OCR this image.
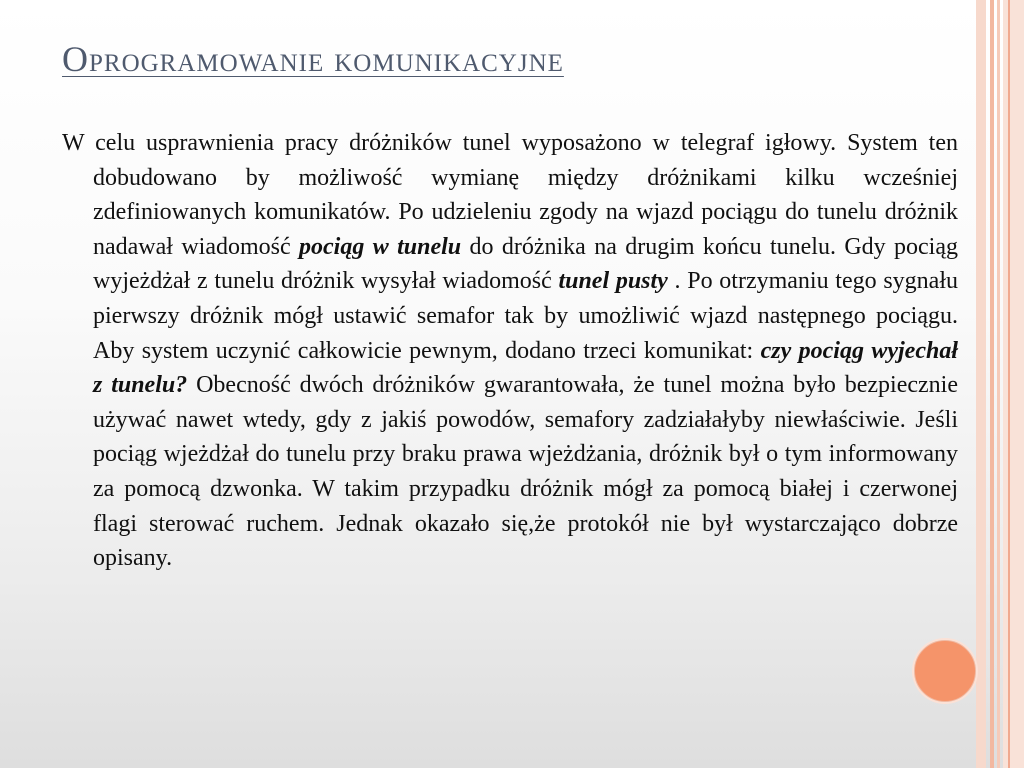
Oprogramowanie komunikacyjne
W celu usprawnienia pracy dróżników tunel wyposażono w telegraf igłowy. System ten dobudowano by możliwość wymianę między dróżnikami kilku wcześniej zdefiniowanych komunikatów. Po udzieleniu zgody na wjazd pociągu do tunelu dróżnik nadawał wiadomość pociąg w tunelu do dróżnika na drugim końcu tunelu. Gdy pociąg wyjeżdżał z tunelu dróżnik wysyłał wiadomość tunel pusty . Po otrzymaniu tego sygnału pierwszy dróżnik mógł ustawić semafor tak by umożliwić wjazd następnego pociągu. Aby system uczynić całkowicie pewnym, dodano trzeci komunikat: czy pociąg wyjechał z tunelu? Obecność dwóch dróżników gwarantowała, że tunel można było bezpiecznie używać nawet wtedy, gdy z jakiś powodów, semafory zadziałałyby niewłaściwie. Jeśli pociąg wjeżdżał do tunelu przy braku prawa wjeżdżania, dróżnik był o tym informowany za pomocą dzwonka. W takim przypadku dróżnik mógł za pomocą białej i czerwonej flagi sterować ruchem. Jednak okazało się,że protokół nie był wystarczająco dobrze opisany.
